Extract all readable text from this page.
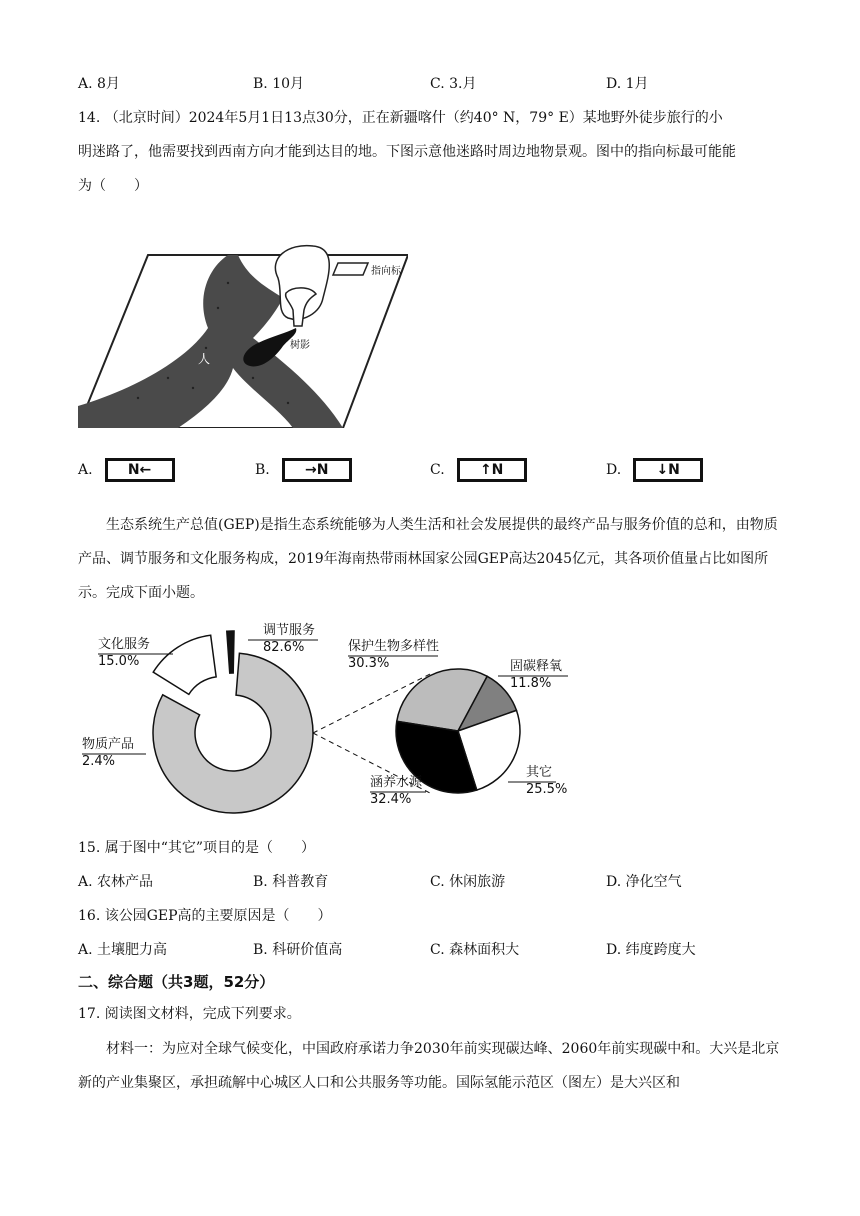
A. 8月	B. 10月	C. 3.月	D. 1月
14. （北京时间）2024年5月1日13点30分，正在新疆喀什（约40° N，79° E）某地野外徒步旅行的小
明迷路了，他需要找到西南方向才能到达目的地。下图示意他迷路时周边地物景观。图中的指向标最可能能
为（　　）
指向标
树影
人
A.	N←	B.	→N	C.	↑N	D.	↓N
生态系统生产总值(GEP)是指生态系统能够为人类生活和社会发展提供的最终产品与服务价值的总和，由物质产品、调节服务和文化服务构成，2019年海南热带雨林国家公园GEP高达2045亿元，其各项价值量占比如图所示。完成下面小题。
调节服务
82.6%
文化服务
15.0%
物质产品
2.4%
保护生物多样性
30.3%	固碳释氧
11.8%
其它
25.5%
涵养水源
32.4%
15. 属于图中“其它”项目的是（　　）
A. 农林产品	B. 科普教育	C. 休闲旅游	D. 净化空气
16. 该公园GEP高的主要原因是（　　）
A. 土壤肥力高	B. 科研价值高	C. 森林面积大	D. 纬度跨度大
二、综合题（共3题，52分）
17. 阅读图文材料，完成下列要求。
材料一：为应对全球气候变化，中国政府承诺力争2030年前实现碳达峰、2060年前实现碳中和。大兴是北京新的产业集聚区，承担疏解中心城区人口和公共服务等功能。国际氢能示范区（图左）是大兴区和
